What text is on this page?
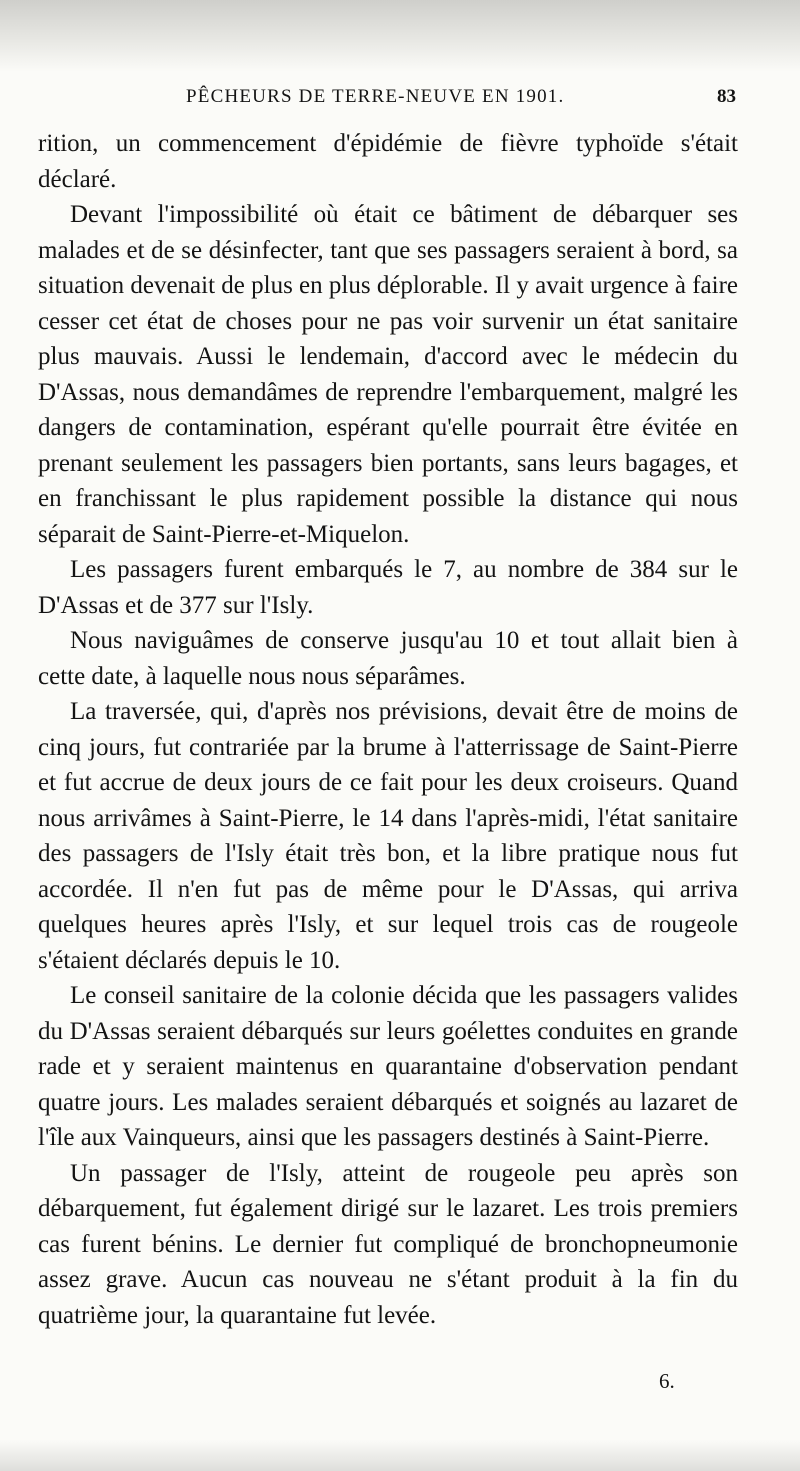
PÊCHEURS DE TERRE-NEUVE EN 1901.	83

rition, un commencement d'épidémie de fièvre typhoïde s'était déclaré.

Devant l'impossibilité où était ce bâtiment de débarquer ses malades et de se désinfecter, tant que ses passagers seraient à bord, sa situation devenait de plus en plus déplorable. Il y avait urgence à faire cesser cet état de choses pour ne pas voir survenir un état sanitaire plus mauvais. Aussi le lendemain, d'accord avec le médecin du D'Assas, nous demandâmes de reprendre l'embarquement, malgré les dangers de contamination, espérant qu'elle pourrait être évitée en prenant seulement les passagers bien portants, sans leurs bagages, et en franchissant le plus rapidement possible la distance qui nous séparait de Saint-Pierre-et-Miquelon.

Les passagers furent embarqués le 7, au nombre de 384 sur le D'Assas et de 377 sur l'Isly.

Nous naviguâmes de conserve jusqu'au 10 et tout allait bien à cette date, à laquelle nous nous séparâmes.

La traversée, qui, d'après nos prévisions, devait être de moins de cinq jours, fut contrariée par la brume à l'atterrissage de Saint-Pierre et fut accrue de deux jours de ce fait pour les deux croiseurs. Quand nous arrivâmes à Saint-Pierre, le 14 dans l'après-midi, l'état sanitaire des passagers de l'Isly était très bon, et la libre pratique nous fut accordée. Il n'en fut pas de même pour le D'Assas, qui arriva quelques heures après l'Isly, et sur lequel trois cas de rougeole s'étaient déclarés depuis le 10.

Le conseil sanitaire de la colonie décida que les passagers valides du D'Assas seraient débarqués sur leurs goélettes conduites en grande rade et y seraient maintenus en quarantaine d'observation pendant quatre jours. Les malades seraient débarqués et soignés au lazaret de l'île aux Vainqueurs, ainsi que les passagers destinés à Saint-Pierre.

Un passager de l'Isly, atteint de rougeole peu après son débarquement, fut également dirigé sur le lazaret. Les trois premiers cas furent bénins. Le dernier fut compliqué de bronchopneumonie assez grave. Aucun cas nouveau ne s'étant produit à la fin du quatrième jour, la quarantaine fut levée.

6.
